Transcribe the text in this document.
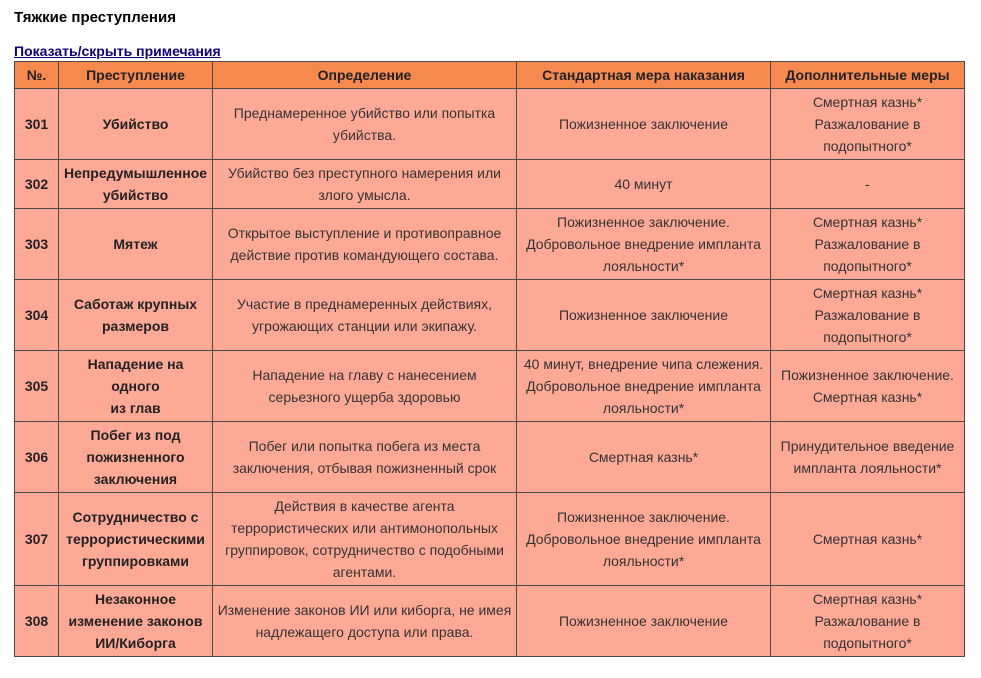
Тяжкие преступления
Показать/скрыть примечания
№.	Преступление	Определение	Стандартная мера наказания	Дополнительные меры
301	Убийство	Преднамеренное убийство или попытка
убийства.	Пожизненное заключение	Смертная казнь*
Разжалование в
подопытного*

302	Непредумышленное
убийство	Убийство без преступного намерения или
злого умысла.	40 минут	-

303	Мятеж	Открытое выступление и противоправное
действие против командующего состава.	Пожизненное заключение.
Добровольное внедрение импланта
лояльности*	Смертная казнь*
Разжалование в
подопытного*

304	Саботаж крупных
размеров	Участие в преднамеренных действиях,
угрожающих станции или экипажу.	Пожизненное заключение	Смертная казнь*
Разжалование в
подопытного*

305	Нападение на одного
из глав	Нападение на главу с нанесением
серьезного ущерба здоровью	40 минут, внедрение чипа слежения.
Добровольное внедрение импланта
лояльности*	Пожизненное заключение.
Смертная казнь*

306	Побег из под
пожизненного
заключения	Побег или попытка побега из места
заключения, отбывая пожизненный срок	Смертная казнь*	Принудительное введение
импланта лояльности*

307	Сотрудничество с
террористическими
группировками	Действия в качестве агента
террористических или антимонопольных
группировок, сотрудничество с подобными
агентами.	Пожизненное заключение.
Добровольное внедрение импланта
лояльности*	Смертная казнь*

308	Незаконное
изменение законов
ИИ/Киборга	Изменение законов ИИ или киборга, не имея
надлежащего доступа или права.	Пожизненное заключение	Смертная казнь*
Разжалование в
подопытного*
